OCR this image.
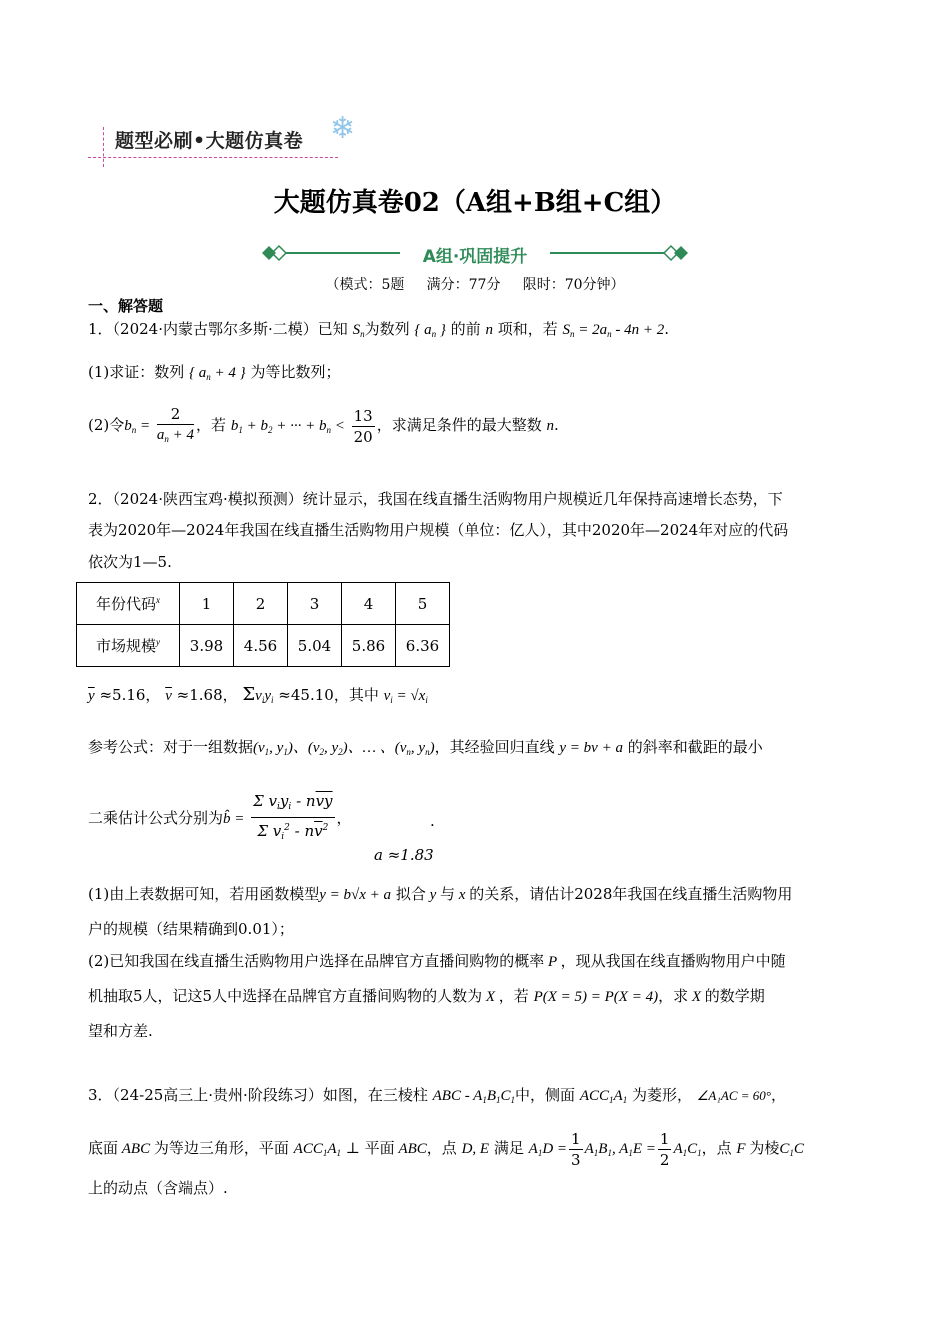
题型必刷•大题仿真卷 ❄
大题仿真卷02（A组+B组+C组）
A组·巩固提升
（模式：5题     满分：77分     限时：70分钟）
一、解答题
1．（2024·内蒙古鄂尔多斯·二模）已知 $S_n$为数列 { $a_n$ } 的前 n 项和，若 $S_n = 2a_n - 4n + 2$.
(1)求证：数列 { $a_n + 4$ } 为等比数列；
(2)令$b_n = \frac{2}{a_n + 4}$ ，若 $b_1 + b_2$ + ··· + $b_n < \frac{13}{20}$ ，求满足条件的最大整数 n.
2．（2024·陕西宝鸡·模拟预测）统计显示，我国在线直播生活购物用户规模近几年保持高速增长态势，下
表为2020年—2024年我国在线直播生活购物用户规模（单位：亿人），其中2020年—2024年对应的代码
依次为1—5.
年份代码$^x$	1	2	3	4	5
市场规模$^y$	3.98	4.56	5.04	5.86	6.36
$\overline{y} \approx 5.16$， $\overline{v} \approx 1.68$， $\Sigma v_iy_i \approx 45.10$，其中 $v_i = √x_i$
参考公式：对于一组数据($v_1$, $y_1$)、($v_2$, $y_2$)、… 、($v_n$, $y_n$)，其经验回归直线 y = bv + a 的斜率和截距的最小
二乘估计公式分别为b̂ = $\frac{\Sigma v_iy_i - n\overline{v}\overline{y}}{\Sigma v_i^2 - n\overline{v}^2}$ ，
a ≈1.83
.
(1)由上表数据可知，若用函数模型y = b√x + a 拟合 y 与 x 的关系，请估计2028年我国在线直播生活购物用
户的规模（结果精确到0.01）；
(2)已知我国在线直播生活购物用户选择在品牌官方直播间购物的概率 P ，现从我国在线直播购物用户中随
机抽取5人，记这5人中选择在品牌官方直播间购物的人数为 X ，若 P(X = 5) = P(X = 4)，求 X 的数学期
望和方差.
3．（24-25高三上·贵州·阶段练习）如图，在三棱柱 ABC - $A_1B_1C_1$中，侧面 $ACC_1A_1$ 为菱形， ∠A₁AC = 60°，
底面 ABC 为等边三角形，平面 $ACC_1A_1$ ⊥ 平面 ABC，点 D, E 满足 $A_1D = \frac{1}{3} A_1B_1$, $A_1E = \frac{1}{2} A_1C_1$，点 F 为棱$C_1C$
上的动点（含端点）.
